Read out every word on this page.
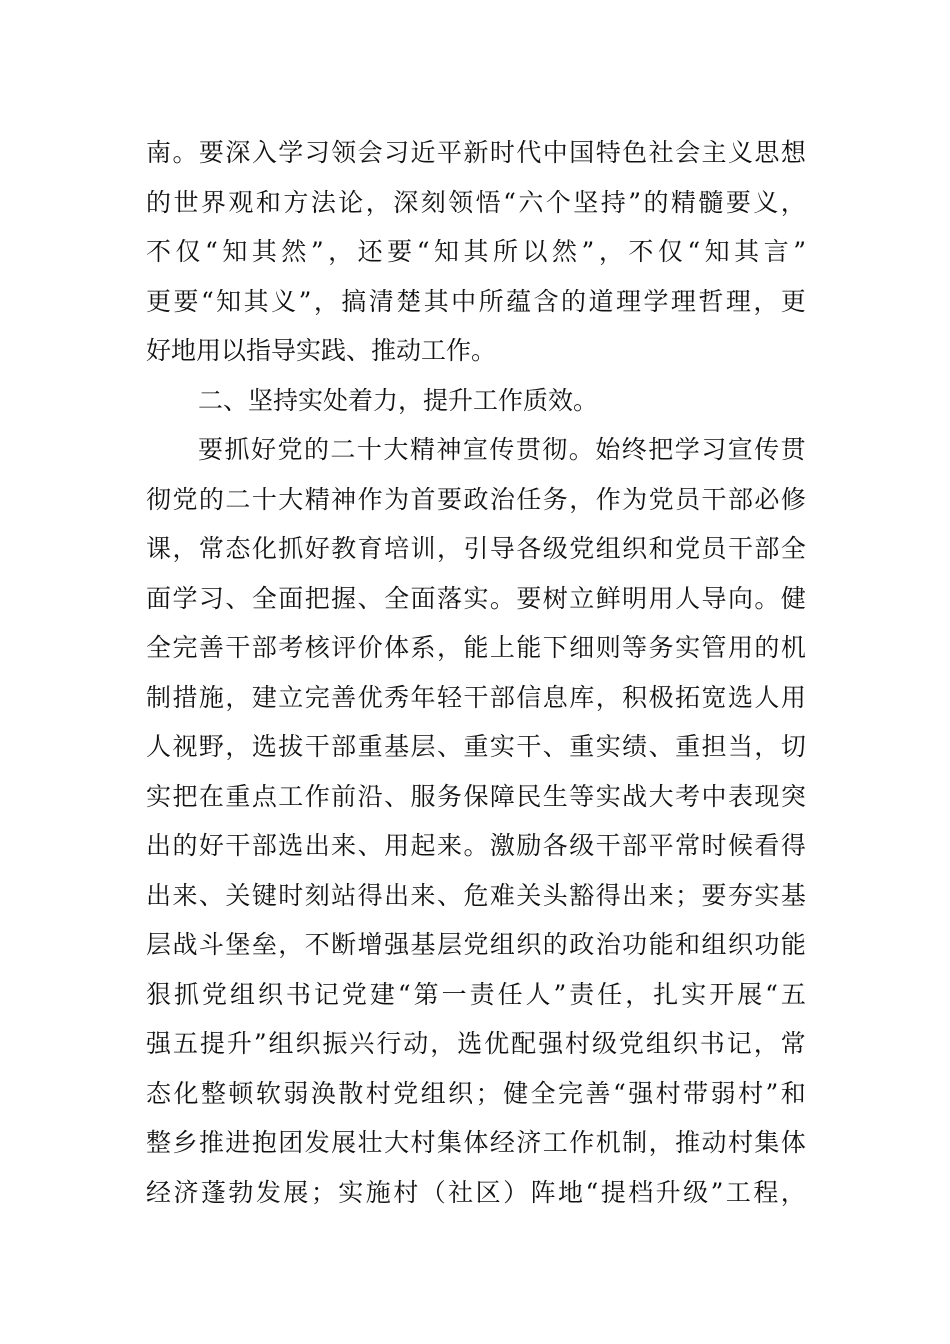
南 。 要 深 入 学 习 领 会 习 近 平 新 时 代 中 国 特 色 社 会 主 义 思 想
的 世 界 观 和 方 法 论 ， 深 刻 领 悟 “ 六 个 坚 持 ” 的 精 髓 要 义 ，
不 仅 “ 知 其 然 ” ， 还 要 “ 知 其 所 以 然 ” ， 不 仅 “ 知 其 言 ”
更 要 “ 知 其 义 ” ， 搞 清 楚 其 中 所 蕴 含 的 道 理 学 理 哲 理 ， 更
好地用以指导实践、推动工作。
二、坚持实处着力，提升工作质效。
要 抓 好 党 的 二 十 大 精 神 宣 传 贯 彻 。 始 终 把 学 习 宣 传 贯
彻 党 的 二 十 大 精 神 作 为 首 要 政 治 任 务 ， 作 为 党 员 干 部 必 修
课 ， 常 态 化 抓 好 教 育 培 训 ， 引 导 各 级 党 组 织 和 党 员 干 部 全
面 学 习 、 全 面 把 握 、 全 面 落 实 。 要 树 立 鲜 明 用 人 导 向 。 健
全 完 善 干 部 考 核 评 价 体 系 ， 能 上 能 下 细 则 等 务 实 管 用 的 机
制 措 施 ， 建 立 完 善 优 秀 年 轻 干 部 信 息 库 ， 积 极 拓 宽 选 人 用
人 视 野 ， 选 拔 干 部 重 基 层 、 重 实 干 、 重 实 绩 、 重 担 当 ， 切
实 把 在 重 点 工 作 前 沿 、 服 务 保 障 民 生 等 实 战 大 考 中 表 现 突
出 的 好 干 部 选 出 来 、 用 起 来 。 激 励 各 级 干 部 平 常 时 候 看 得
出 来 、 关 键 时 刻 站 得 出 来 、 危 难 关 头 豁 得 出 来 ； 要 夯 实 基
层 战 斗 堡 垒 ， 不 断 增 强 基 层 党 组 织 的 政 治 功 能 和 组 织 功 能
狠 抓 党 组 织 书 记 党 建 “ 第 一 责 任 人 ” 责 任 ， 扎 实 开 展 “ 五
强 五 提 升 ” 组 织 振 兴 行 动 ， 选 优 配 强 村 级 党 组 织 书 记 ， 常
态 化 整 顿 软 弱 涣 散 村 党 组 织 ； 健 全 完 善 “ 强 村 带 弱 村 ” 和
整 乡 推 进 抱 团 发 展 壮 大 村 集 体 经 济 工 作 机 制 ， 推 动 村 集 体
经 济 蓬 勃 发 展 ； 实 施 村 （ 社 区 ） 阵 地 “ 提 档 升 级 ” 工 程 ，
